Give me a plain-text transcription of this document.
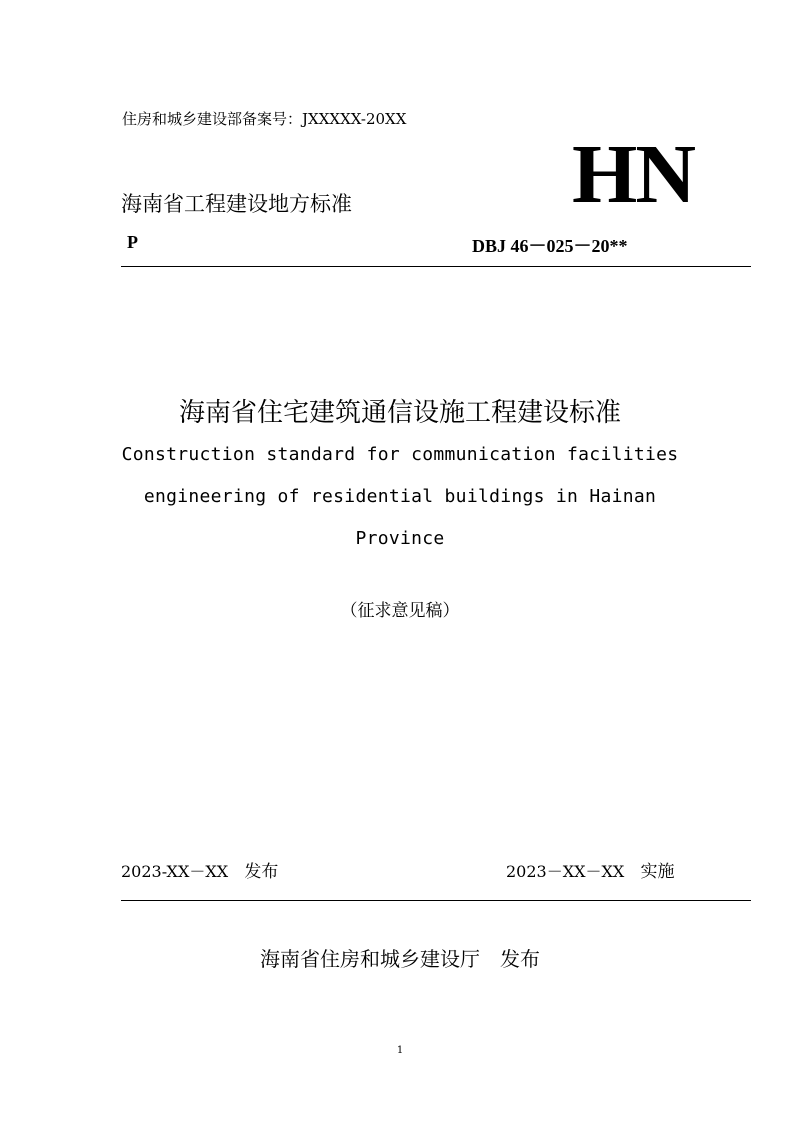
住房和城乡建设部备案号：JXXXXX-20XX
海南省工程建设地方标准	HN
P	DBJ 46－025－20**
海南省住宅建筑通信设施工程建设标准
Construction standard for communication facilities
engineering of residential buildings in Hainan
Province
（征求意见稿）
2023-XX－XX 发布	2023－XX－XX 实施
海南省住房和城乡建设厅　发布
1
